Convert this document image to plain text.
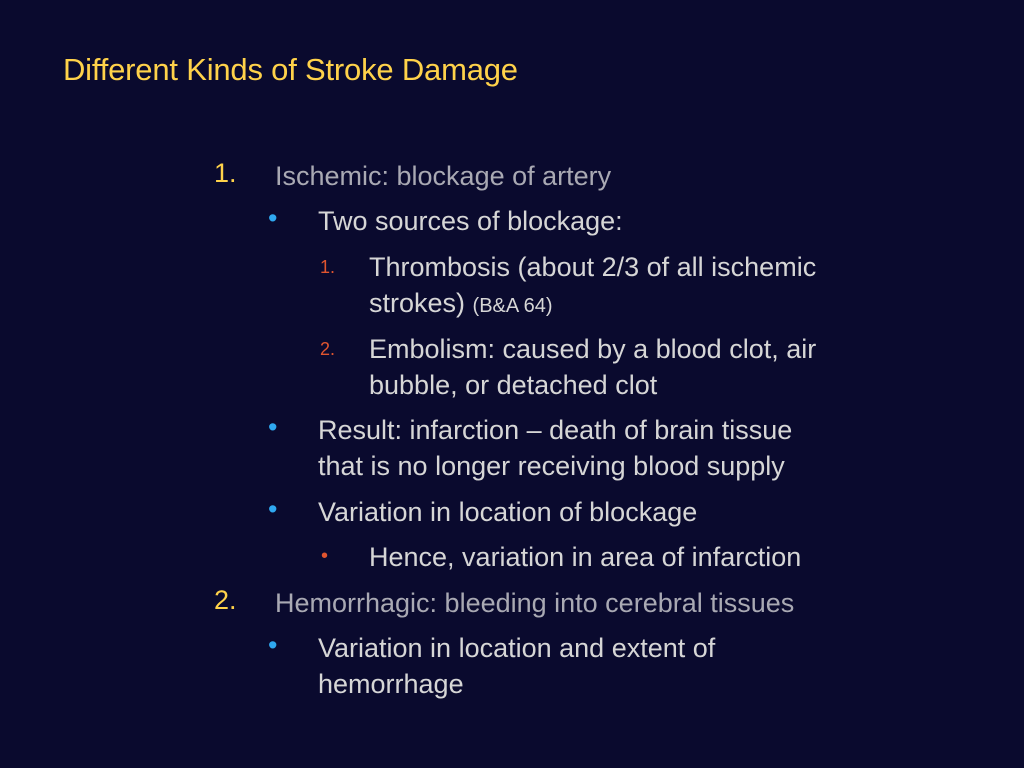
Different Kinds of Stroke Damage
1. Ischemic: blockage of artery
• Two sources of blockage:
1. Thrombosis (about 2/3 of all ischemic
strokes) (B&A 64)
2. Embolism: caused by a blood clot, air
bubble, or detached clot
• Result: infarction – death of brain tissue
that is no longer receiving blood supply
• Variation in location of blockage
• Hence, variation in area of infarction
2. Hemorrhagic: bleeding into cerebral tissues
• Variation in location and extent of
hemorrhage
